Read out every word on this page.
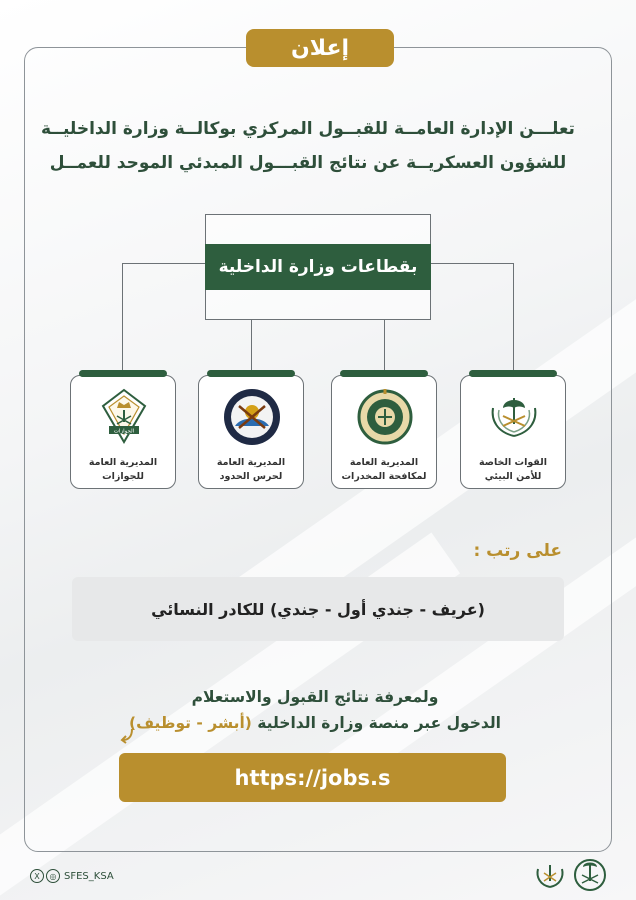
إعلان
تعلـــن الإدارة العامــة للقبــول المركزي بوكالــة وزارة الداخليــة
للشؤون العسكريــة عن نتائج القبـــول المبدئي الموحد للعمــل
بقطاعات وزارة الداخلية
القوات الخاصة
للأمن البيئي
المديرية العامة
لمكافحة المخدرات
المديرية العامة
لحرس الحدود
الجوازات
المديرية العامة
للجوازات
على رتب :
(عريف - جندي أول - جندي) للكادر النسائي
ولمعرفة نتائج القبول والاستعلام
الدخول عبر منصة وزارة الداخلية (أبشر - توظيف)
https://jobs.s
X	◎ SFES_KSA
